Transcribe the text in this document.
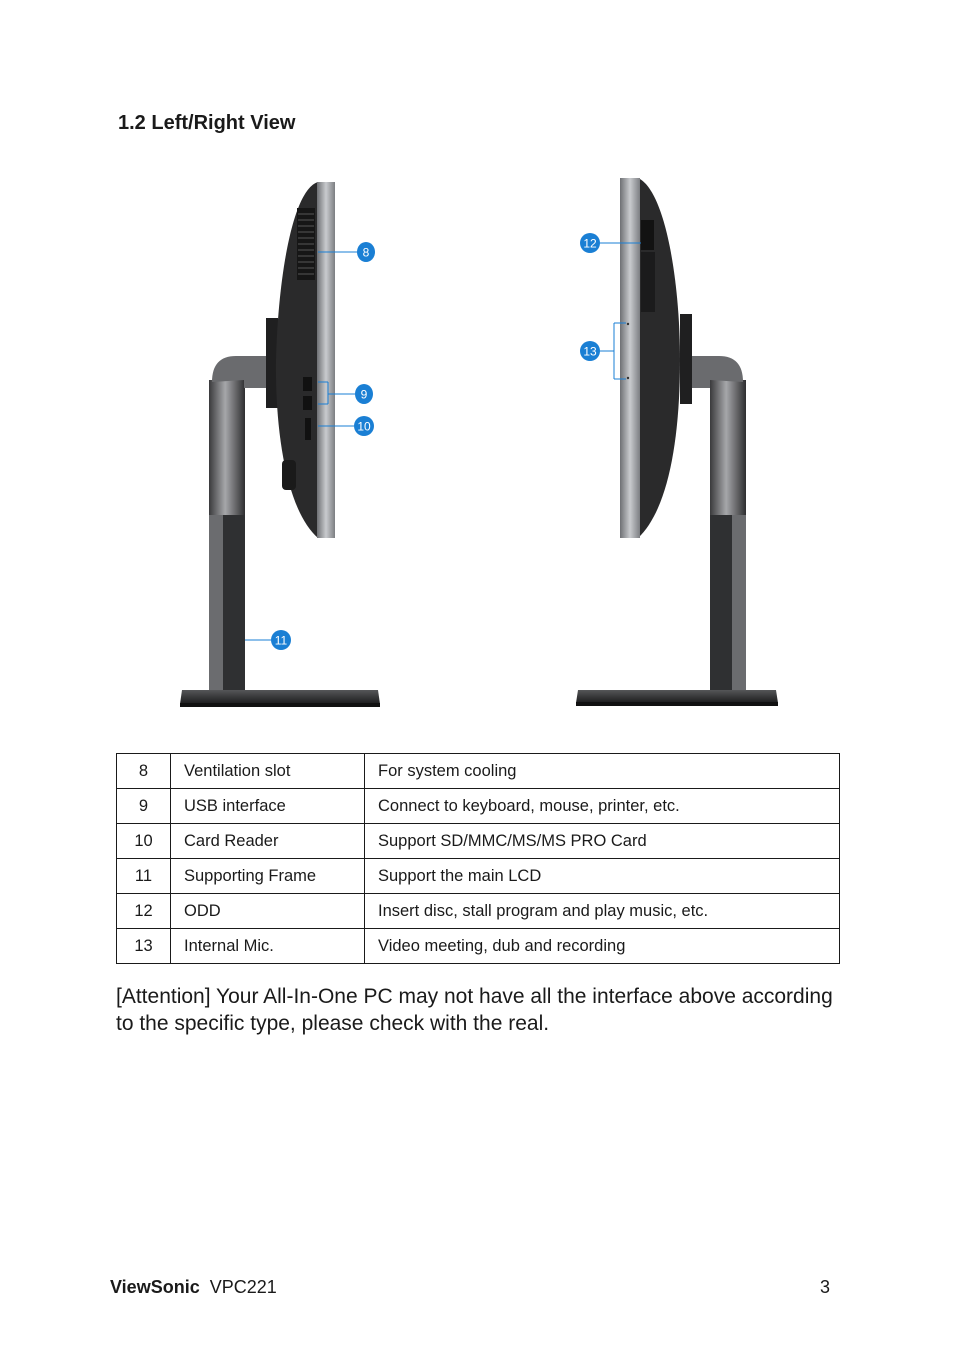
1.2 Left/Right View
8
9
10
11
12
13
8	Ventilation slot	For system cooling
9	USB interface	Connect to keyboard, mouse, printer, etc.
10	Card Reader	Support SD/MMC/MS/MS PRO Card
11	Supporting Frame	Support the main LCD
12	ODD	Insert disc, stall program and play music, etc.
13	Internal Mic.	Video meeting, dub and recording
[Attention] Your All-In-One PC may not have all the interface above according to the specific type, please check with the real.
ViewSonic VPC221	3
